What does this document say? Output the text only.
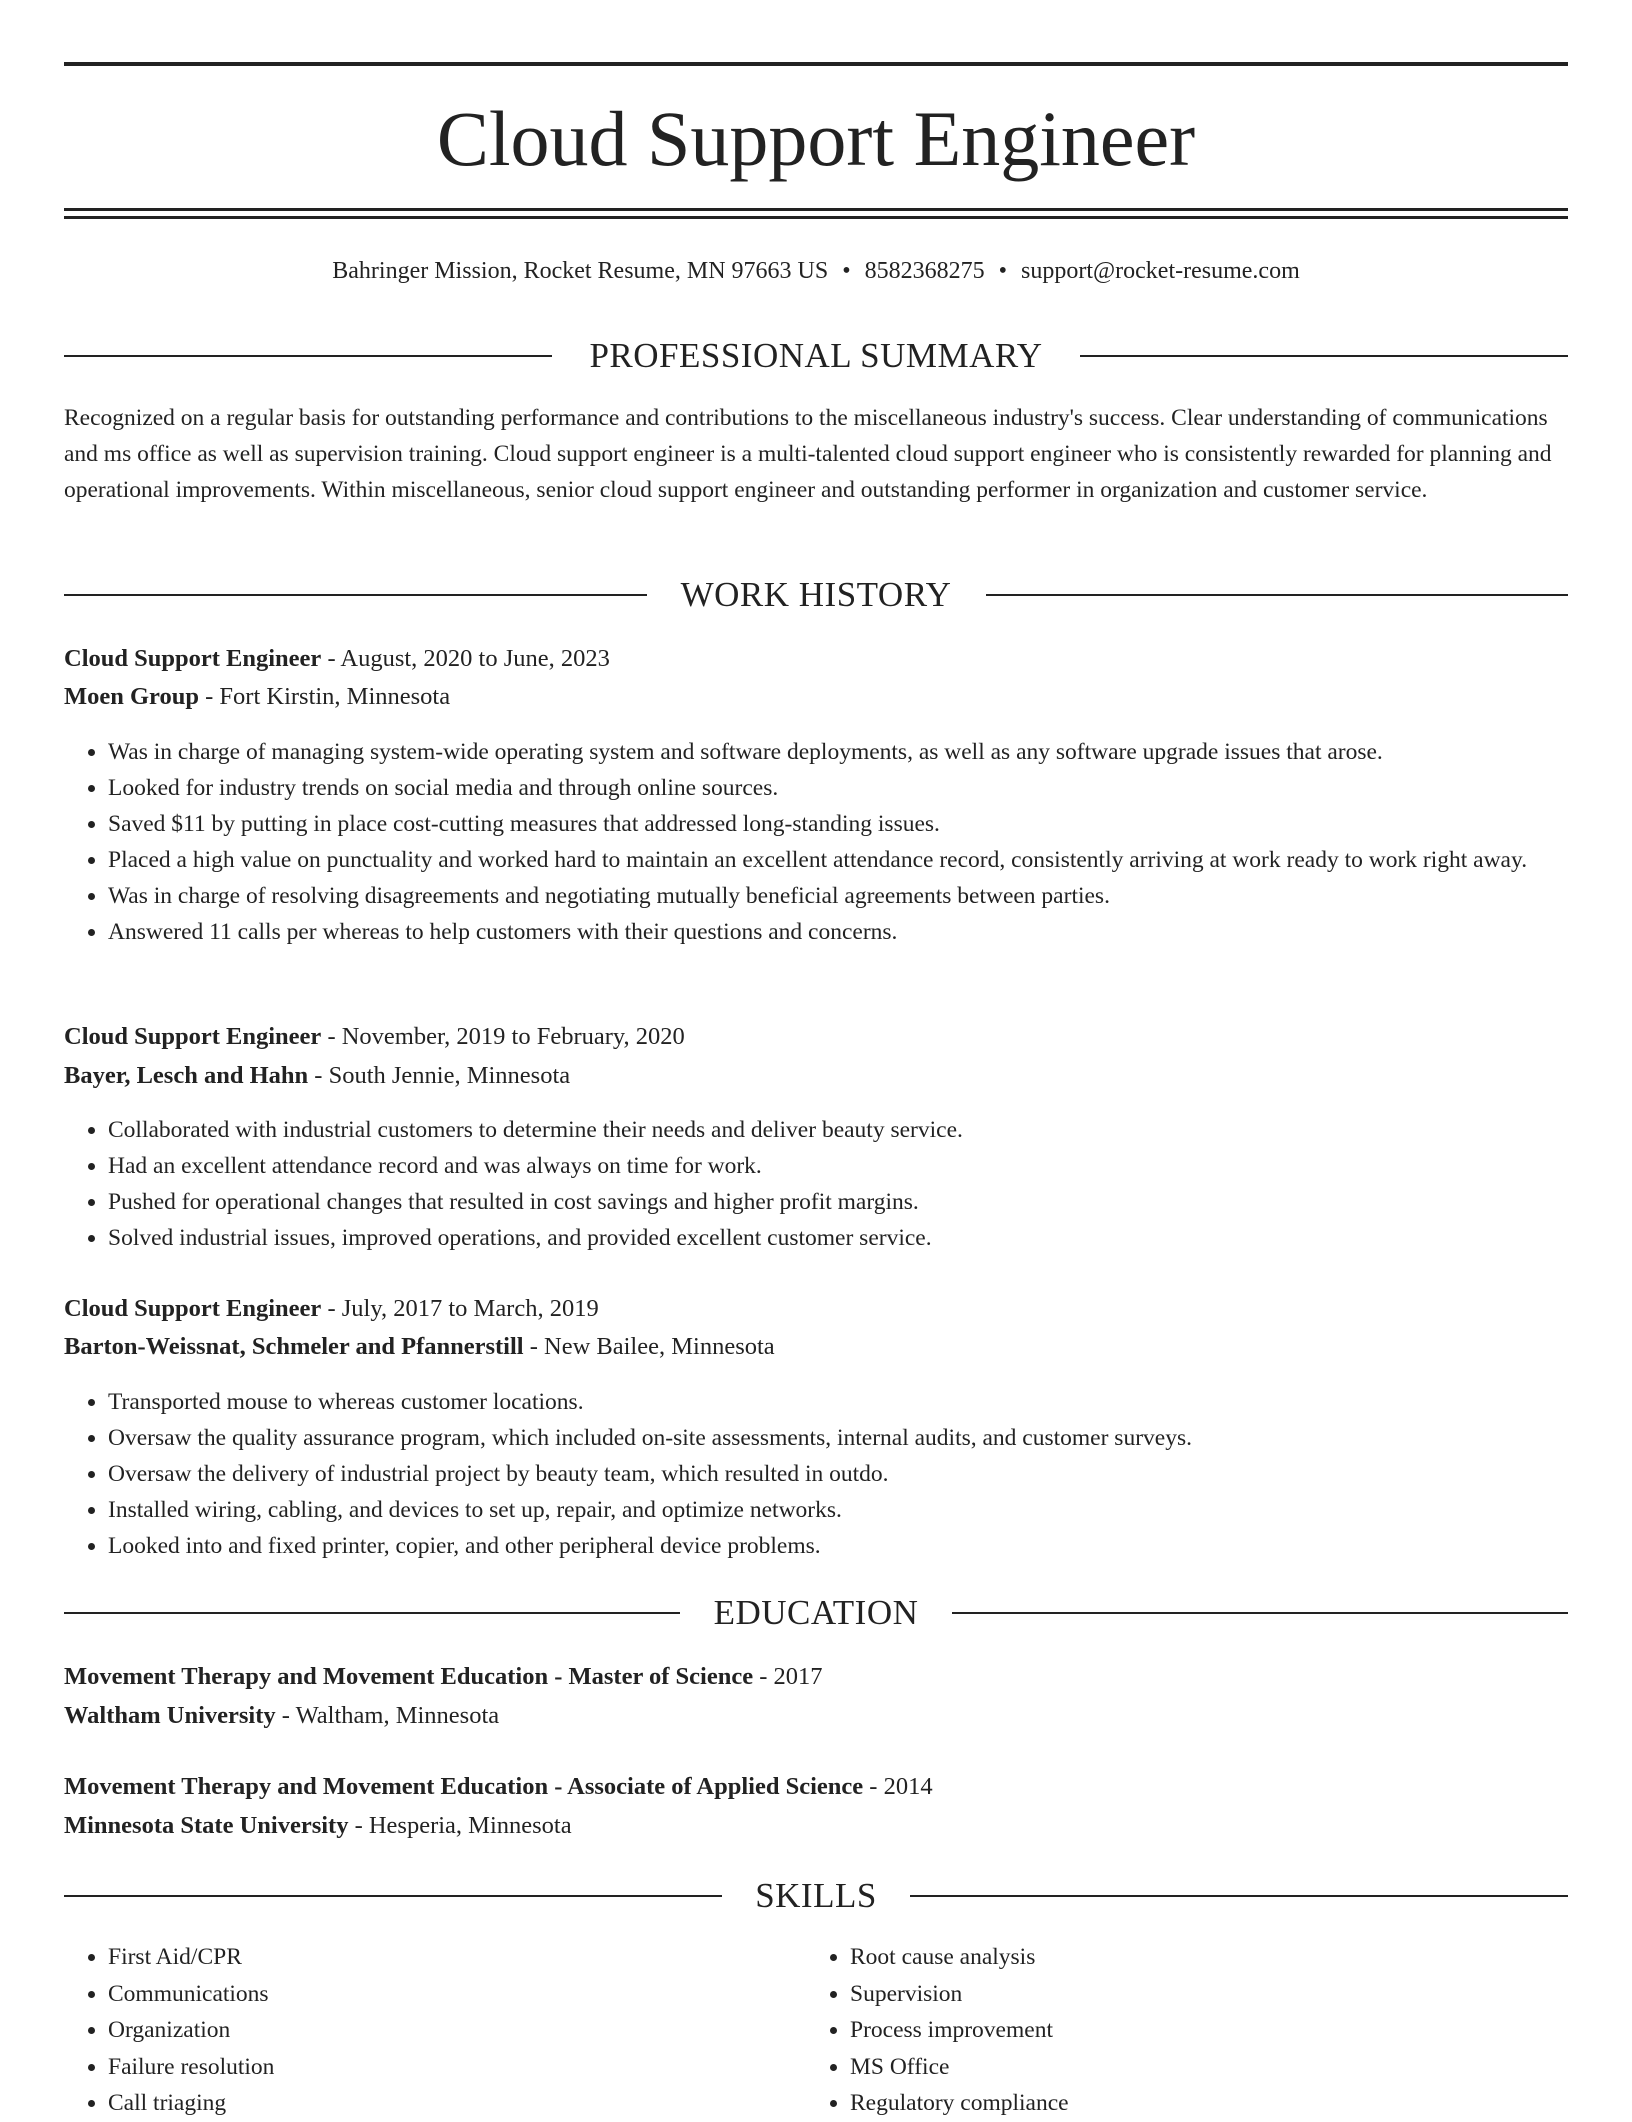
Cloud Support Engineer
Bahringer Mission, Rocket Resume, MN 97663 US • 8582368275 • support@rocket-resume.com
PROFESSIONAL SUMMARY

Recognized on a regular basis for outstanding performance and contributions to the miscellaneous industry's success. Clear understanding of communications and ms office as well as supervision training. Cloud support engineer is a multi-talented cloud support engineer who is consistently rewarded for planning and operational improvements. Within miscellaneous, senior cloud support engineer and outstanding performer in organization and customer service.

WORK HISTORY
Cloud Support Engineer - August, 2020 to June, 2023
Moen Group - Fort Kirstin, Minnesota
• Was in charge of managing system-wide operating system and software deployments, as well as any software upgrade issues that arose.
• Looked for industry trends on social media and through online sources.
• Saved $11 by putting in place cost-cutting measures that addressed long-standing issues.
• Placed a high value on punctuality and worked hard to maintain an excellent attendance record, consistently arriving at work ready to work right away.
• Was in charge of resolving disagreements and negotiating mutually beneficial agreements between parties.
• Answered 11 calls per whereas to help customers with their questions and concerns.
Cloud Support Engineer - November, 2019 to February, 2020
Bayer, Lesch and Hahn - South Jennie, Minnesota
• Collaborated with industrial customers to determine their needs and deliver beauty service.
• Had an excellent attendance record and was always on time for work.
• Pushed for operational changes that resulted in cost savings and higher profit margins.
• Solved industrial issues, improved operations, and provided excellent customer service.
Cloud Support Engineer - July, 2017 to March, 2019
Barton-Weissnat, Schmeler and Pfannerstill - New Bailee, Minnesota
• Transported mouse to whereas customer locations.
• Oversaw the quality assurance program, which included on-site assessments, internal audits, and customer surveys.
• Oversaw the delivery of industrial project by beauty team, which resulted in outdo.
• Installed wiring, cabling, and devices to set up, repair, and optimize networks.
• Looked into and fixed printer, copier, and other peripheral device problems.
EDUCATION
Movement Therapy and Movement Education - Master of Science - 2017
Waltham University - Waltham, Minnesota
Movement Therapy and Movement Education - Associate of Applied Science - 2014
Minnesota State University - Hesperia, Minnesota
SKILLS
• First Aid/CPR
• Communications
• Organization
• Failure resolution
• Call triaging
• Root cause analysis
• Supervision
• Process improvement
• MS Office
• Regulatory compliance
